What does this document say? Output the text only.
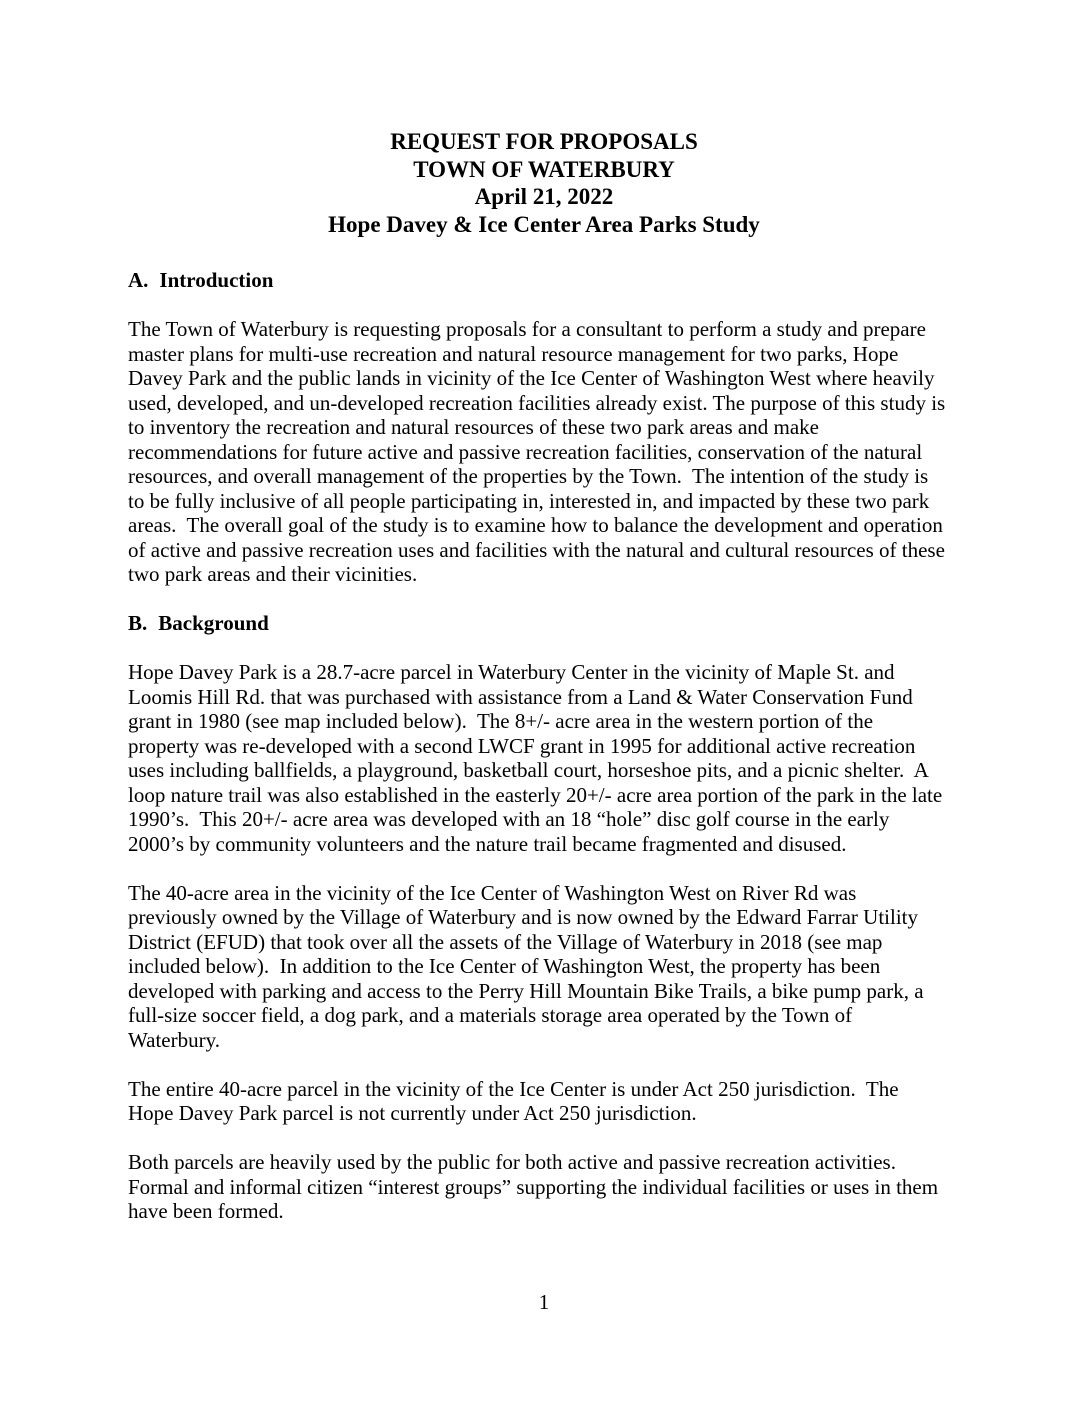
REQUEST FOR PROPOSALS
TOWN OF WATERBURY
April 21, 2022
Hope Davey & Ice Center Area Parks Study
A. Introduction
The Town of Waterbury is requesting proposals for a consultant to perform a study and prepare
master plans for multi-use recreation and natural resource management for two parks, Hope
Davey Park and the public lands in vicinity of the Ice Center of Washington West where heavily
used, developed, and un-developed recreation facilities already exist. The purpose of this study is
to inventory the recreation and natural resources of these two park areas and make
recommendations for future active and passive recreation facilities, conservation of the natural
resources, and overall management of the properties by the Town.  The intention of the study is
to be fully inclusive of all people participating in, interested in, and impacted by these two park
areas.  The overall goal of the study is to examine how to balance the development and operation
of active and passive recreation uses and facilities with the natural and cultural resources of these
two park areas and their vicinities.
B. Background
Hope Davey Park is a 28.7-acre parcel in Waterbury Center in the vicinity of Maple St. and
Loomis Hill Rd. that was purchased with assistance from a Land & Water Conservation Fund
grant in 1980 (see map included below).  The 8+/- acre area in the western portion of the
property was re-developed with a second LWCF grant in 1995 for additional active recreation
uses including ballfields, a playground, basketball court, horseshoe pits, and a picnic shelter.  A
loop nature trail was also established in the easterly 20+/- acre area portion of the park in the late
1990’s.  This 20+/- acre area was developed with an 18 “hole” disc golf course in the early
2000’s by community volunteers and the nature trail became fragmented and disused.
The 40-acre area in the vicinity of the Ice Center of Washington West on River Rd was
previously owned by the Village of Waterbury and is now owned by the Edward Farrar Utility
District (EFUD) that took over all the assets of the Village of Waterbury in 2018 (see map
included below).  In addition to the Ice Center of Washington West, the property has been
developed with parking and access to the Perry Hill Mountain Bike Trails, a bike pump park, a
full-size soccer field, a dog park, and a materials storage area operated by the Town of
Waterbury.
The entire 40-acre parcel in the vicinity of the Ice Center is under Act 250 jurisdiction.  The
Hope Davey Park parcel is not currently under Act 250 jurisdiction.
Both parcels are heavily used by the public for both active and passive recreation activities.
Formal and informal citizen “interest groups” supporting the individual facilities or uses in them
have been formed.
1
